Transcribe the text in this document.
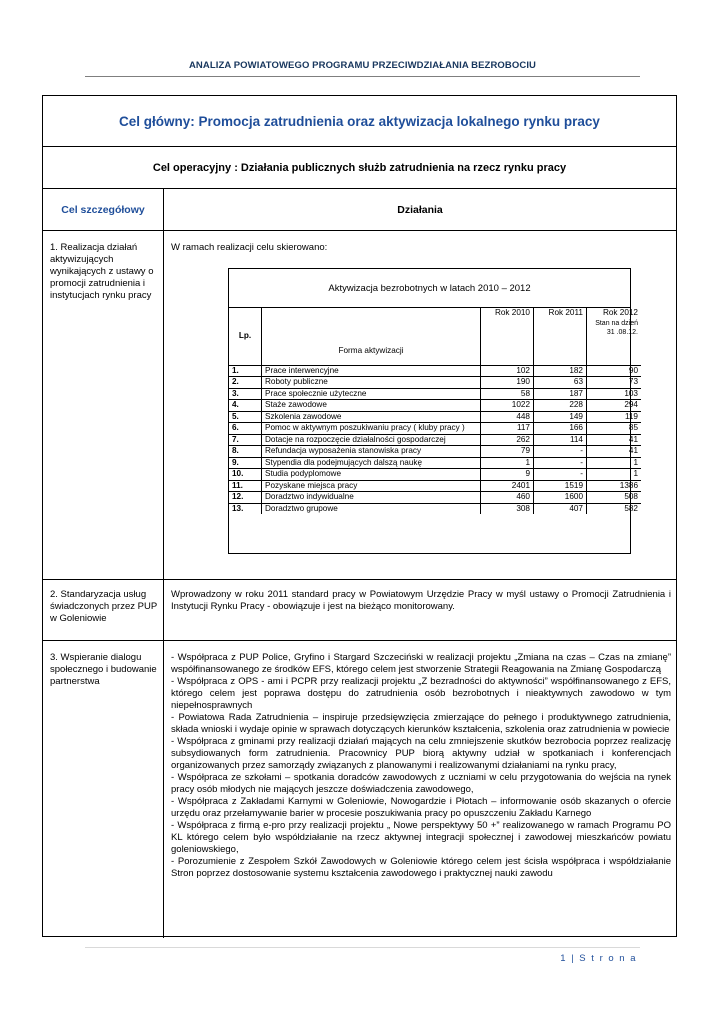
ANALIZA POWIATOWEGO PROGRAMU PRZECIWDZIAŁANIA BEZROBOCIU
Cel główny: Promocja zatrudnienia oraz aktywizacja lokalnego rynku pracy
Cel operacyjny : Działania publicznych służb zatrudnienia na rzecz rynku pracy
Cel szczegółowy	Działania
1. Realizacja działań aktywizujących wynikających z ustawy o promocji zatrudnienia i instytucjach rynku pracy
W ramach realizacji celu skierowano:
Aktywizacja bezrobotnych w latach 2010 – 2012
Lp.	Forma aktywizacji	Rok 2010	Rok 2011	Rok 2012
Stan na dzień 31 .08.12.

1.	Prace interwencyjne	102	182	90
2.	Roboty publiczne	190	63	73
3.	Prace społecznie użyteczne	58	187	103
4.	Staże zawodowe	1022	228	294
5.	Szkolenia zawodowe	448	149	119
6.	Pomoc w aktywnym poszukiwaniu pracy ( kluby pracy )	117	166	85
7.	Dotacje na rozpoczęcie działalności gospodarczej	262	114	41
8.	Refundacja wyposażenia stanowiska pracy	79	-	41
9.	Stypendia dla podejmujących dalszą naukę	1	-	1
10.	Studia podyplomowe	9	-	1
11.	Pozyskane miejsca pracy	2401	1519	1386
12.	Doradztwo indywidualne	460	1600	508
13.	Doradztwo grupowe	308	407	582
2. Standaryzacja usług świadczonych przez PUP w Goleniowie
Wprowadzony w roku 2011 standard pracy w Powiatowym Urzędzie Pracy w myśl ustawy o Promocji Zatrudnienia i Instytucji Rynku Pracy - obowiązuje i jest na bieżąco monitorowany.
3. Wspieranie dialogu społecznego i budowanie partnerstwa

- Współpraca z PUP Police, Gryfino i Stargard Szczeciński w realizacji projektu „Zmiana na czas – Czas na zmianę” współfinansowanego ze środków EFS, którego celem jest stworzenie Strategii Reagowania na Zmianę Gospodarczą

- Współpraca z OPS - ami i PCPR przy realizacji projektu „Z bezradności do aktywności” współfinansowanego z EFS, którego celem jest poprawa dostępu do zatrudnienia osób bezrobotnych i nieaktywnych zawodowo w tym niepełnosprawnych

- Powiatowa Rada Zatrudnienia – inspiruje przedsięwzięcia zmierzające do pełnego i produktywnego zatrudnienia, składa wnioski i wydaje opinie w sprawach dotyczących kierunków kształcenia, szkolenia oraz zatrudnienia w powiecie

- Współpraca z gminami przy realizacji działań mających na celu zmniejszenie skutków bezrobocia poprzez realizację subsydiowanych form zatrudnienia. Pracownicy PUP biorą aktywny udział w spotkaniach i konferencjach organizowanych przez samorządy związanych z planowanymi i realizowanymi działaniami na rynku pracy,

- Współpraca ze szkołami – spotkania doradców zawodowych z uczniami w celu przygotowania do wejścia na rynek pracy osób młodych nie mających jeszcze doświadczenia zawodowego,

- Współpraca z Zakładami Karnymi w Goleniowie, Nowogardzie i Płotach – informowanie osób skazanych o ofercie urzędu oraz przełamywanie barier w procesie poszukiwania pracy po opuszczeniu Zakładu Karnego

- Współpraca z firmą e-pro przy realizacji projektu „ Nowe perspektywy 50 +” realizowanego w ramach Programu PO KL którego celem było współdziałanie na rzecz aktywnej integracji społecznej i zawodowej mieszkańców powiatu goleniowskiego,

- Porozumienie z Zespołem Szkół Zawodowych w Goleniowie którego celem jest ścisła współpraca i współdziałanie Stron poprzez dostosowanie systemu kształcenia zawodowego i praktycznej nauki zawodu

1 | S t r o n a
